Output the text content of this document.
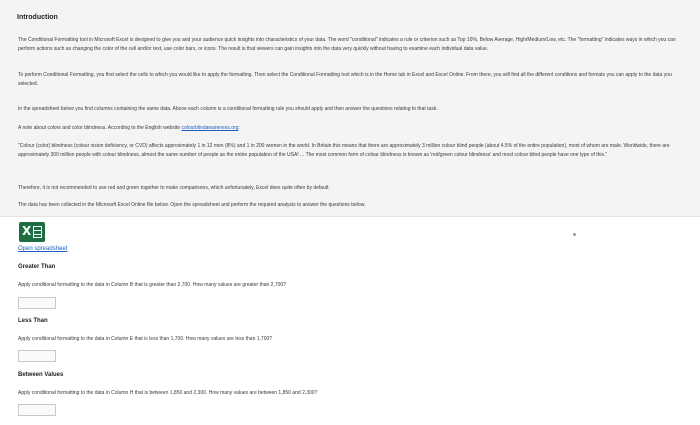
Introduction
The Conditional Formatting tool in Microsoft Excel is designed to give you and your audience quick insights into characteristics of your data. The word "conditional" indicates a rule or criterion such as Top 10%, Below Average, High/Medium/Low, etc. The "formatting" indicates ways in which you can perform actions such as changing the color of the cell and/or text, use color bars, or icons. The result is that viewers can gain insights into the data very quickly without having to examine each individual data value.
To perform Conditional Formatting, you first select the cells to which you would like to apply the formatting. Then select the Conditional Formatting tool which is in the Home tab in Excel and Excel Online. From there, you will find all the different conditions and formats you can apply to the data you selected.
In the spreadsheet below you find columns containing the same data. Above each column is a conditional formatting rule you should apply and then answer the questions relating to that task.
A note about colors and color blindness. According to the English website colourblindawareness.org:
"Colour (color) blindness (colour vision deficiency, or CVD) affects approximately 1 in 12 men (8%) and 1 in 200 women in the world. In Britain this means that there are approximately 3 million colour blind people (about 4.5% of the entire population), most of whom are male. Worldwide, there are approximately 300 million people with colour blindness, almost the same number of people as the entire population of the USA! ... The most common form of colour blindness is known as 'red/green colour blindness' and most colour blind people have one type of this."
Therefore, it is not recommended to use red and green together to make comparisons, which unfortunately, Excel does quite often by default.
The data has been collected in the Microsoft Excel Online file below. Open the spreadsheet and perform the required analysis to answer the questions below.
X
Open spreadsheet
Greater Than
Apply conditional formatting to the data in Column B that is greater than 2,700. How many values are greater than 2,700?
Less Than
Apply conditional formatting to the data in Column E that is less than 1,700. How many values are less than 1,700?
Between Values
Apply conditional formatting to the data in Column H that is between 1,850 and 2,300. How many values are between 1,850 and 2,300?
